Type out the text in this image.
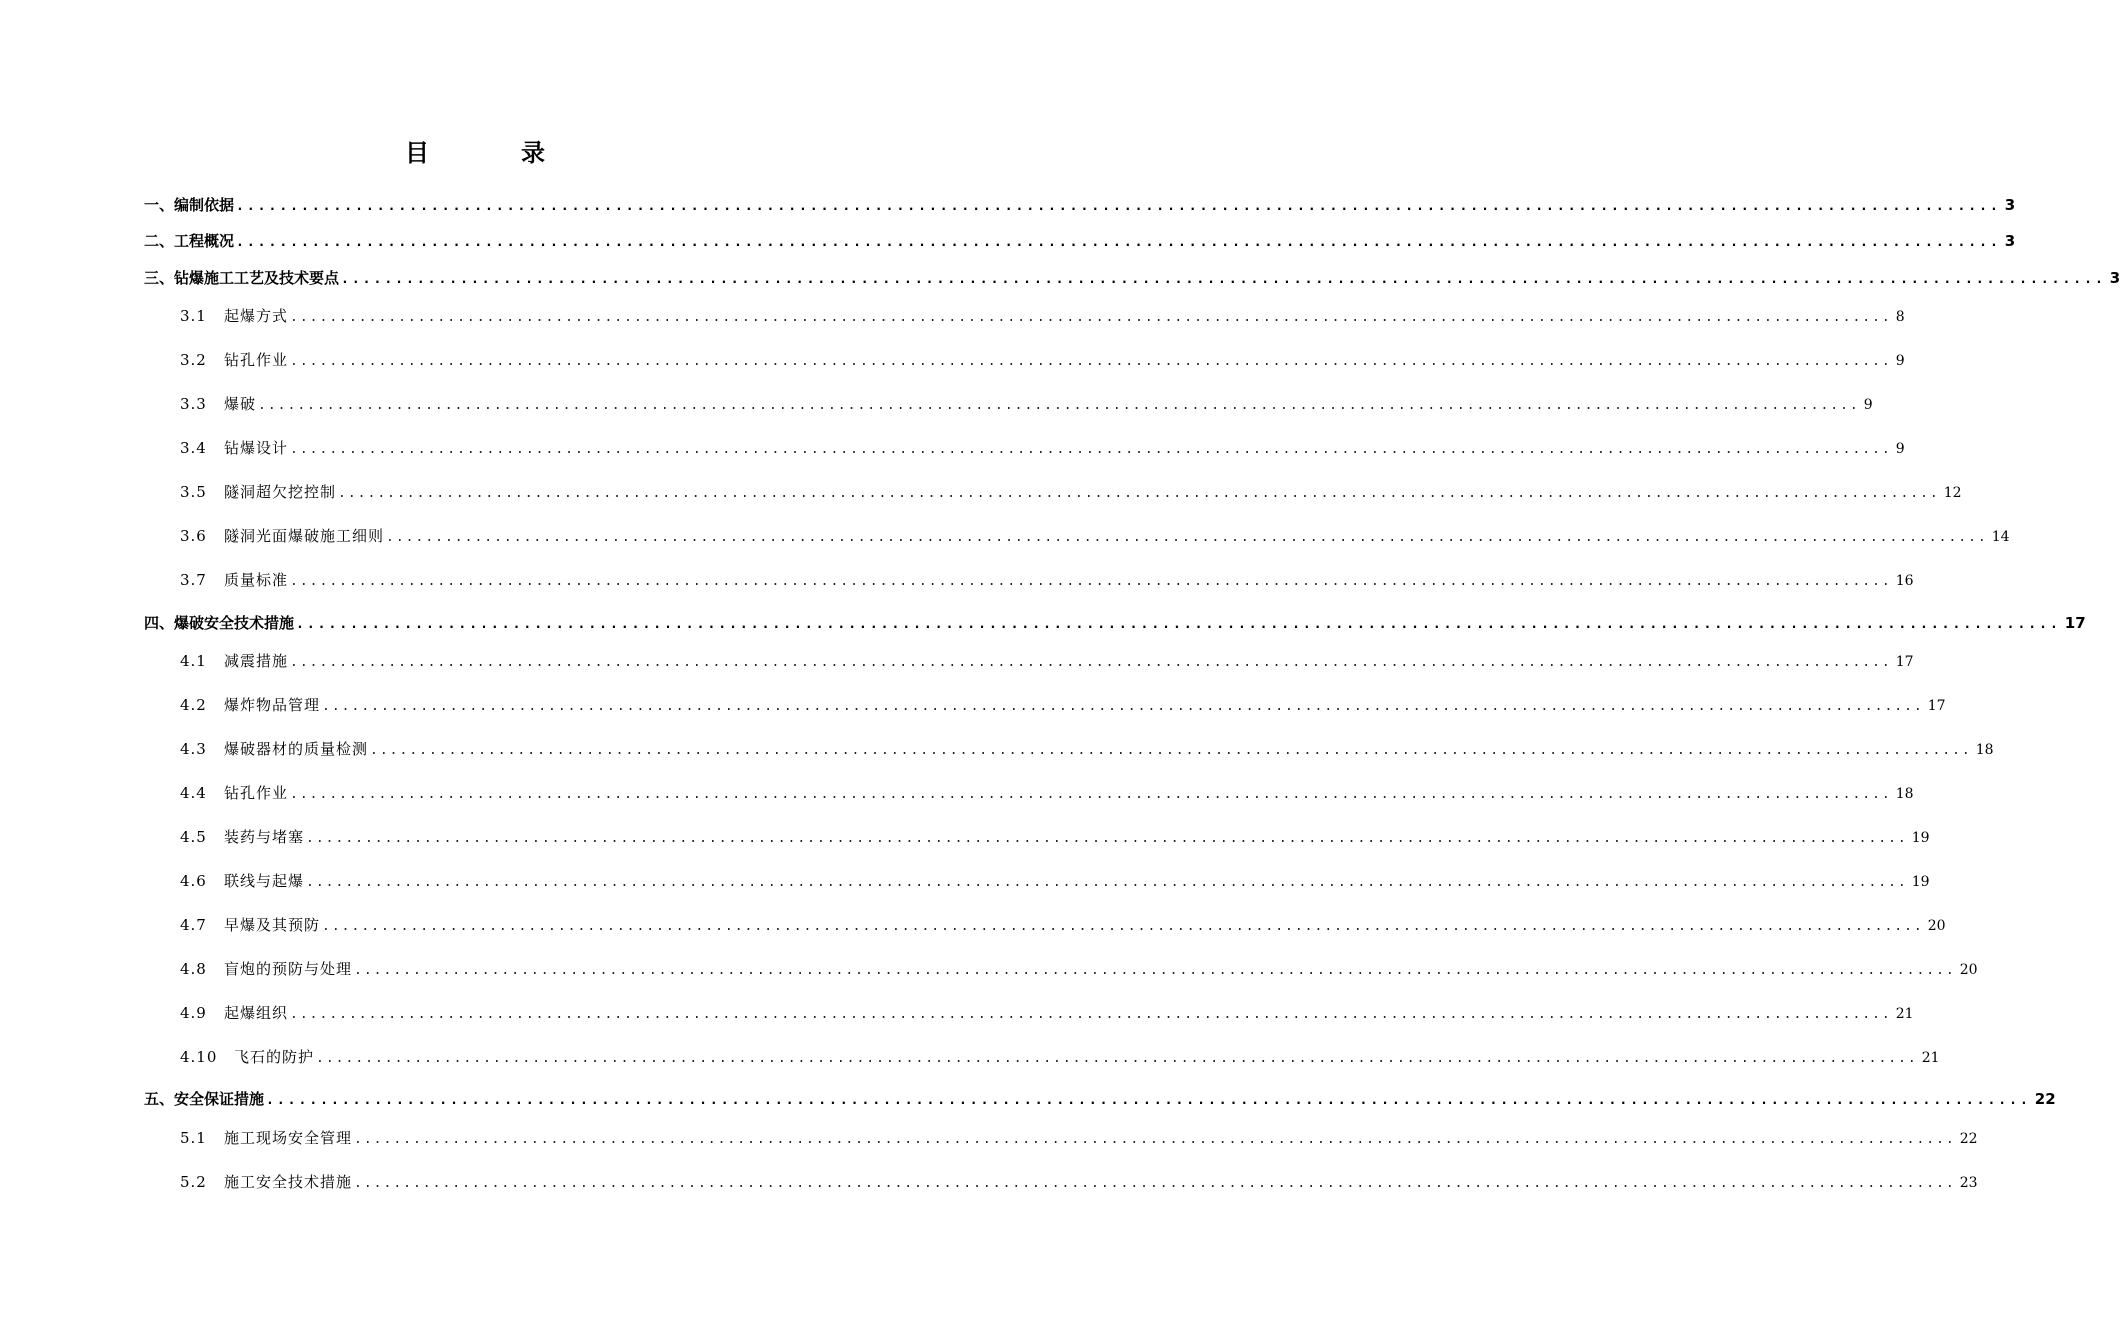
目　录
一、 编制依据 ................................................................................................................................................................... 3
二、 工程概况 ................................................................................................................................................................... 3
三、 钻爆施工工艺及技术要点 ................................................................................................................................................................... 3
3.1	起爆方式 ................................................................................................................................................................... 8
3.2	钻孔作业 ................................................................................................................................................................... 9
3.3	爆破 ................................................................................................................................................................... 9
3.4	钻爆设计 ................................................................................................................................................................... 9
3.5	隧洞超欠挖控制 ................................................................................................................................................................... 12
3.6	隧洞光面爆破施工细则 ................................................................................................................................................................... 14
3.7	质量标准 ................................................................................................................................................................... 16
四、 爆破安全技术措施 ................................................................................................................................................................... 17
4.1	减震措施 ................................................................................................................................................................... 17
4.2	爆炸物品管理 ................................................................................................................................................................... 17
4.3	爆破器材的质量检测 ................................................................................................................................................................... 18
4.4	钻孔作业 ................................................................................................................................................................... 18
4.5	装药与堵塞 ................................................................................................................................................................... 19
4.6	联线与起爆 ................................................................................................................................................................... 19
4.7	早爆及其预防 ................................................................................................................................................................... 20
4.8	盲炮的预防与处理 ................................................................................................................................................................... 20
4.9	起爆组织 ................................................................................................................................................................... 21
4.10	飞石的防护 ................................................................................................................................................................... 21
五、 安全保证措施 ................................................................................................................................................................... 22
5.1	施工现场安全管理 ................................................................................................................................................................... 22
5.2	施工安全技术措施 ................................................................................................................................................................... 23
